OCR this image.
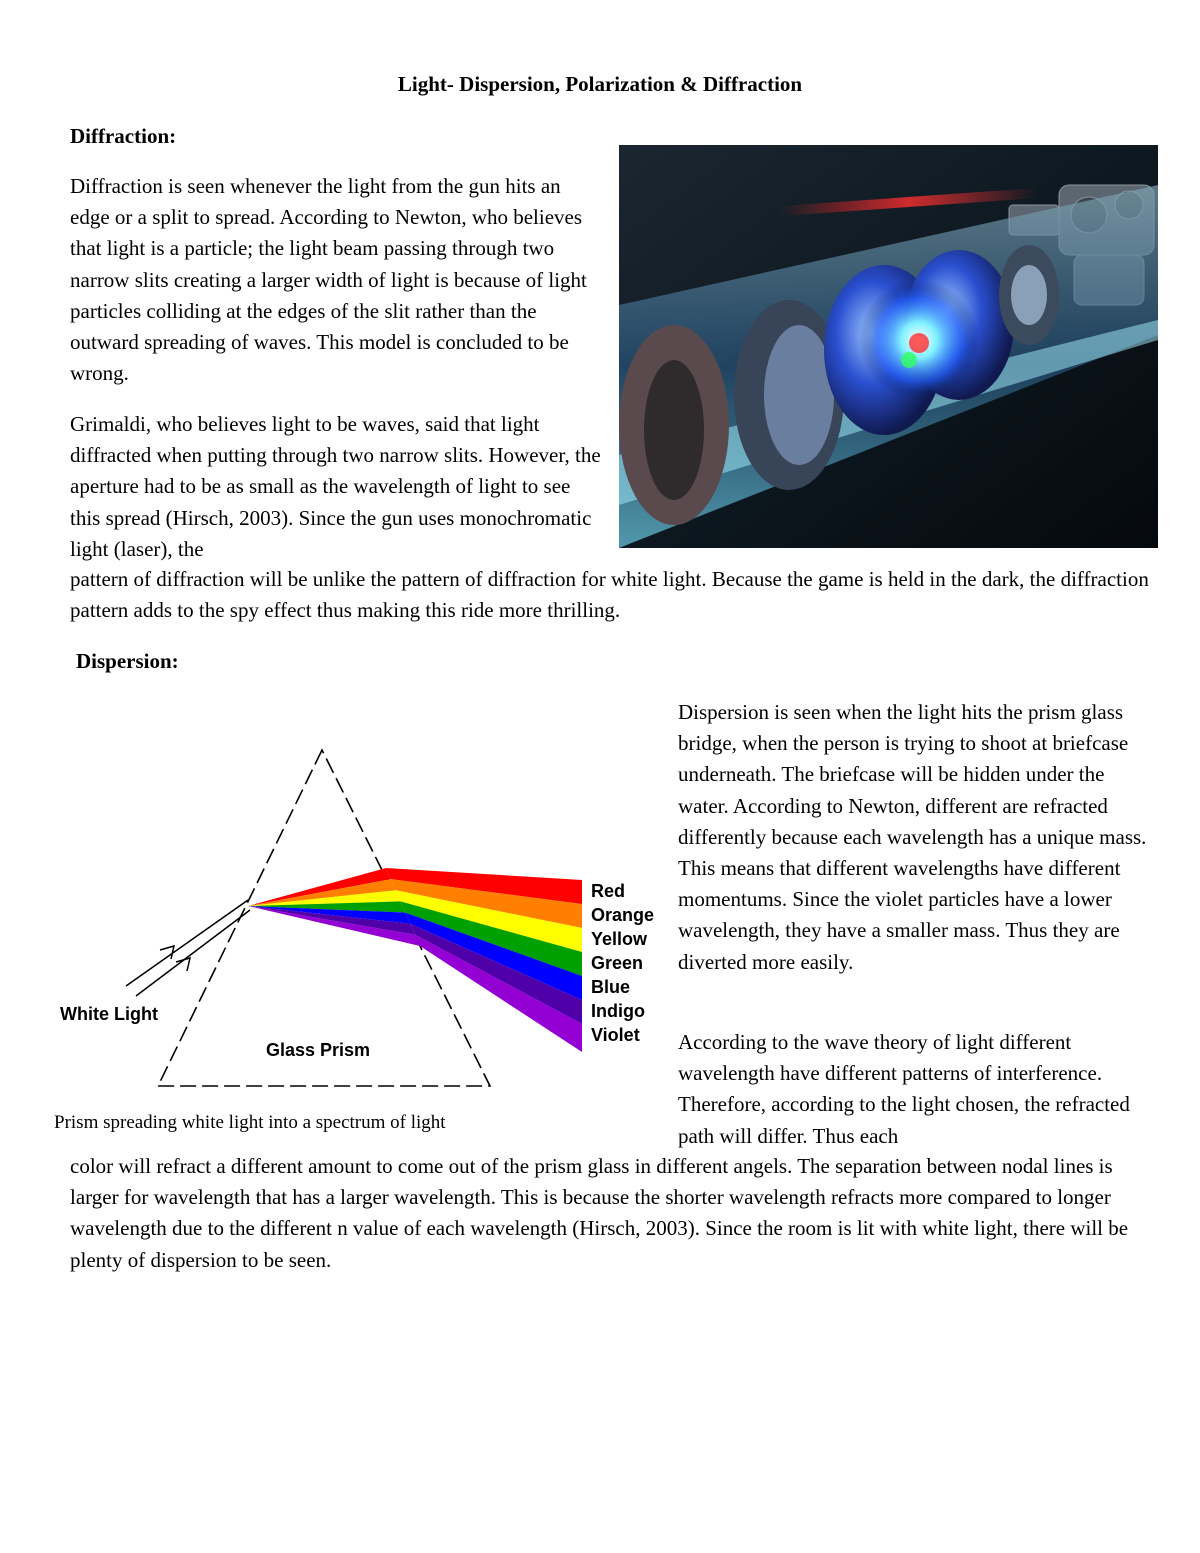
Light- Dispersion, Polarization & Diffraction
Diffraction:
Diffraction is seen whenever the light from the gun hits an edge or a split to spread. According to Newton, who believes that light is a particle; the light beam passing through two narrow slits creating a larger width of light is because of light particles colliding at the edges of the slit rather than the outward spreading of waves. This model is concluded to be wrong.
Grimaldi, who believes light to be waves, said that light diffracted when putting through two narrow slits. However, the aperture had to be as small as the wavelength of light to see this spread (Hirsch, 2003). Since the gun uses monochromatic light (laser), the
pattern of diffraction will be unlike the pattern of diffraction for white light. Because the game is held in the dark, the diffraction pattern adds to the spy effect thus making this ride more thrilling.
Dispersion:
White Light
Glass Prism
Red
Orange
Yellow
Green
Blue
Indigo
Violet
Prism spreading white light into a spectrum of light
Dispersion is seen when the light hits the prism glass bridge, when the person is trying to shoot at briefcase underneath. The briefcase will be hidden under the water. According to Newton, different are refracted differently because each wavelength has a unique mass. This means that different wavelengths have different momentums. Since the violet particles have a lower wavelength, they have a smaller mass. Thus they are diverted more easily.
According to the wave theory of light different wavelength have different patterns of interference. Therefore, according to the light chosen, the refracted path will differ. Thus each
color will refract a different amount to come out of the prism glass in different angels. The separation between nodal lines is larger for wavelength that has a larger wavelength. This is because the shorter wavelength refracts more compared to longer wavelength due to the different n value of each wavelength (Hirsch, 2003). Since the room is lit with white light, there will be plenty of dispersion to be seen.
